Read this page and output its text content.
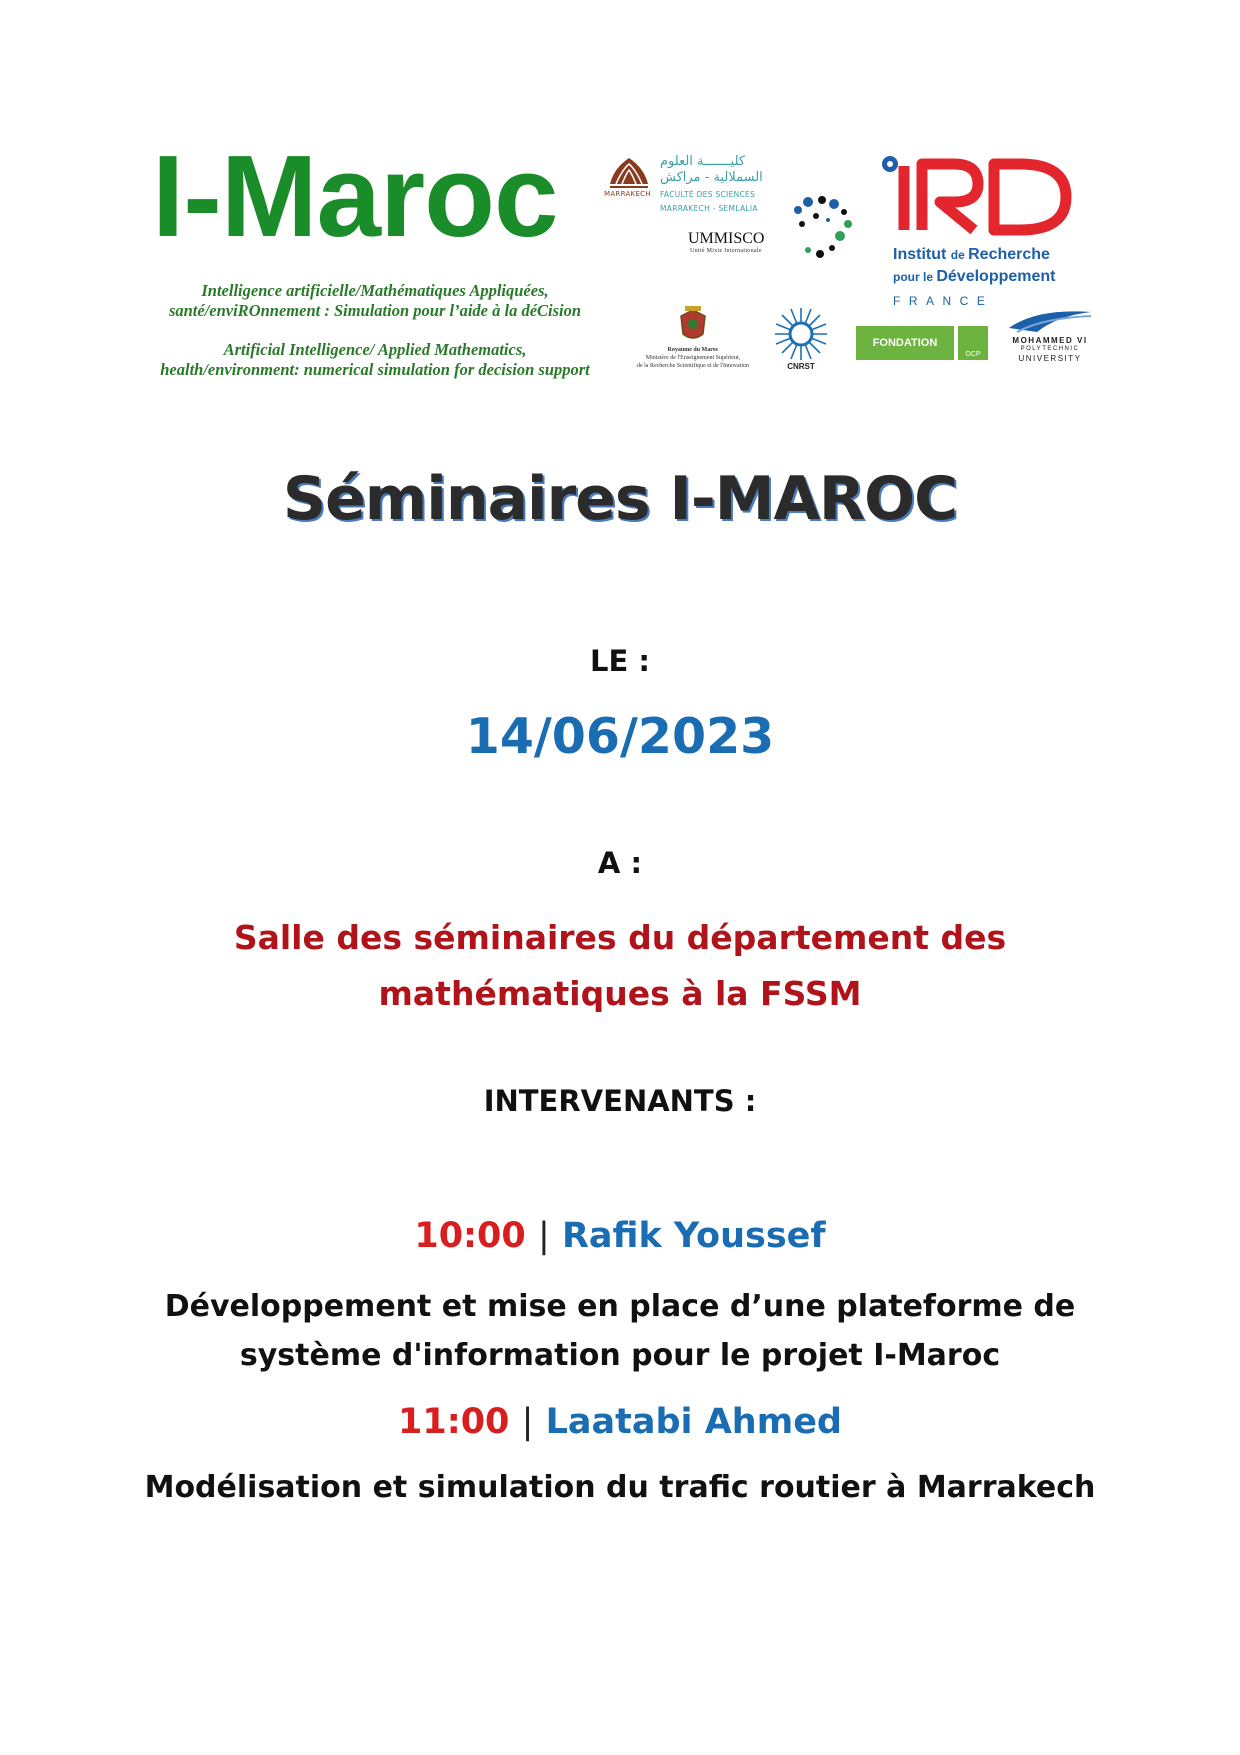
I-Maroc
Intelligence artificielle/Mathématiques Appliquées,
santé/enviROnnement : Simulation pour l’aide à la déCision
Artificial Intelligence/ Applied Mathematics,
health/environment: numerical simulation for decision support
MARRAKECH
كليـــــــة العلوم
السملالية - مراكش
FACULTÉ DES SCIENCES
MARRAKECH - SEMLALIA
UMMISCO
Unité Mixte Internationale	Institut de Recherche
pour le Développement
FRANCE
Royaume du Maroc
Ministère de l'Enseignement Supérieur,
de la Recherche Scientifique et de l'Innovation	CNRST
FONDATION
OCP
MOHAMMED VI
POLYTECHNIC
UNIVERSITY
Séminaires I-MAROC
LE :
14/06/2023
A :
Salle des séminaires du département des
mathématiques à la FSSM
INTERVENANTS :
10:00 | Rafik Youssef
Développement et mise en place d’une plateforme de
système d'information pour le projet I-Maroc
11:00 | Laatabi Ahmed
Modélisation et simulation du trafic routier à Marrakech
